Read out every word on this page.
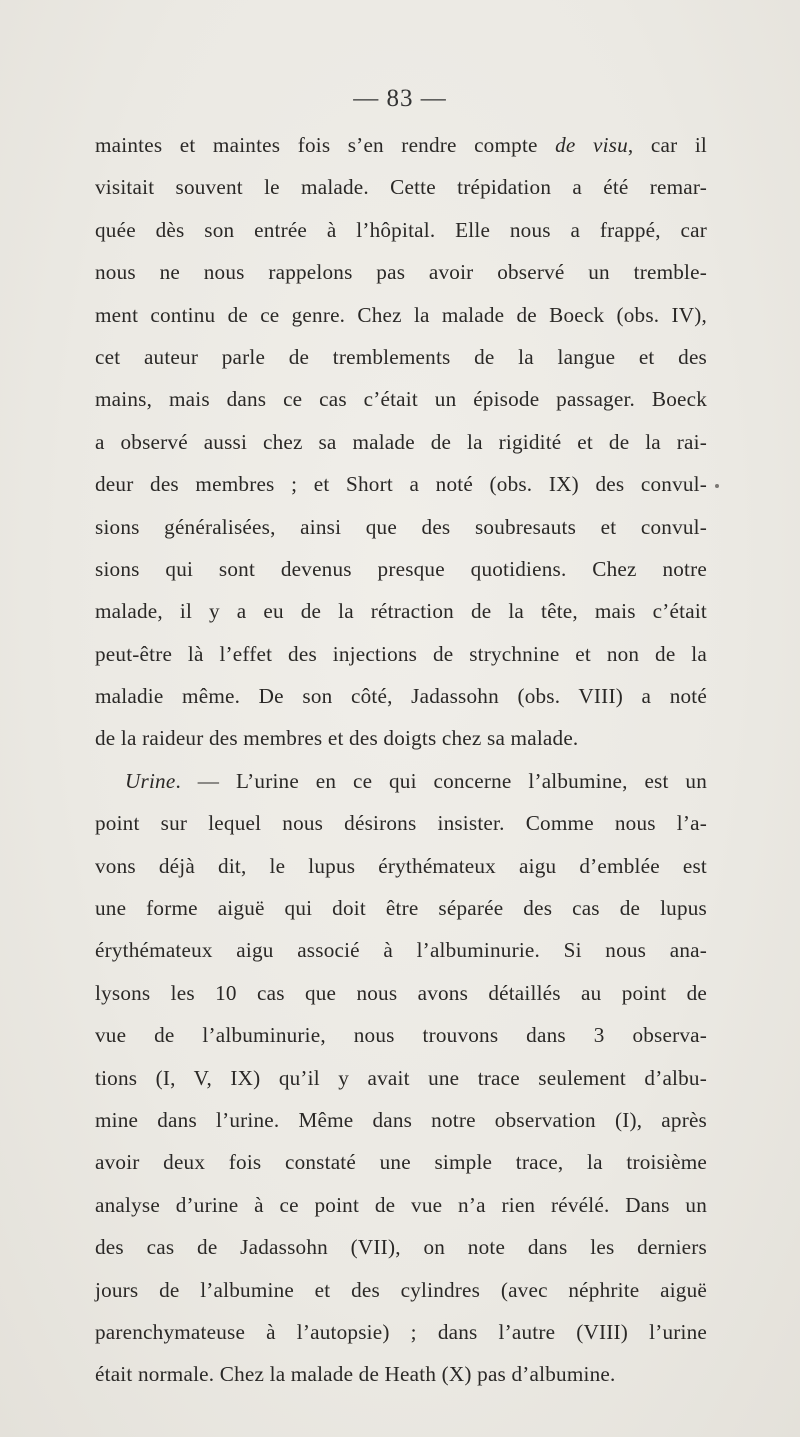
— 83 —
maintes et maintes fois s’en rendre compte de visu, car il
visitait souvent le malade. Cette trépidation a été remar-
quée dès son entrée à l’hôpital. Elle nous a frappé, car
nous ne nous rappelons pas avoir observé un tremble-
ment continu de ce genre. Chez la malade de Boeck (obs. IV),
cet auteur parle de tremblements de la langue et des
mains, mais dans ce cas c’était un épisode passager. Boeck
a observé aussi chez sa malade de la rigidité et de la rai-
deur des membres ; et Short a noté (obs. IX) des convul-
sions généralisées, ainsi que des soubresauts et convul-
sions qui sont devenus presque quotidiens. Chez notre
malade, il y a eu de la rétraction de la tête, mais c’était
peut-être là l’effet des injections de strychnine et non de la
maladie même. De son côté, Jadassohn (obs. VIII) a noté
de la raideur des membres et des doigts chez sa malade.
Urine. — L’urine en ce qui concerne l’albumine, est un
point sur lequel nous désirons insister. Comme nous l’a-
vons déjà dit, le lupus érythémateux aigu d’emblée est
une forme aiguë qui doit être séparée des cas de lupus
érythémateux aigu associé à l’albuminurie. Si nous ana-
lysons les 10 cas que nous avons détaillés au point de
vue de l’albuminurie, nous trouvons dans 3 observa-
tions (I, V, IX) qu’il y avait une trace seulement d’albu-
mine dans l’urine. Même dans notre observation (I), après
avoir deux fois constaté une simple trace, la troisième
analyse d’urine à ce point de vue n’a rien révélé. Dans un
des cas de Jadassohn (VII), on note dans les derniers
jours de l’albumine et des cylindres (avec néphrite aiguë
parenchymateuse à l’autopsie) ; dans l’autre (VIII) l’urine
était normale. Chez la malade de Heath (X) pas d’albumine.
